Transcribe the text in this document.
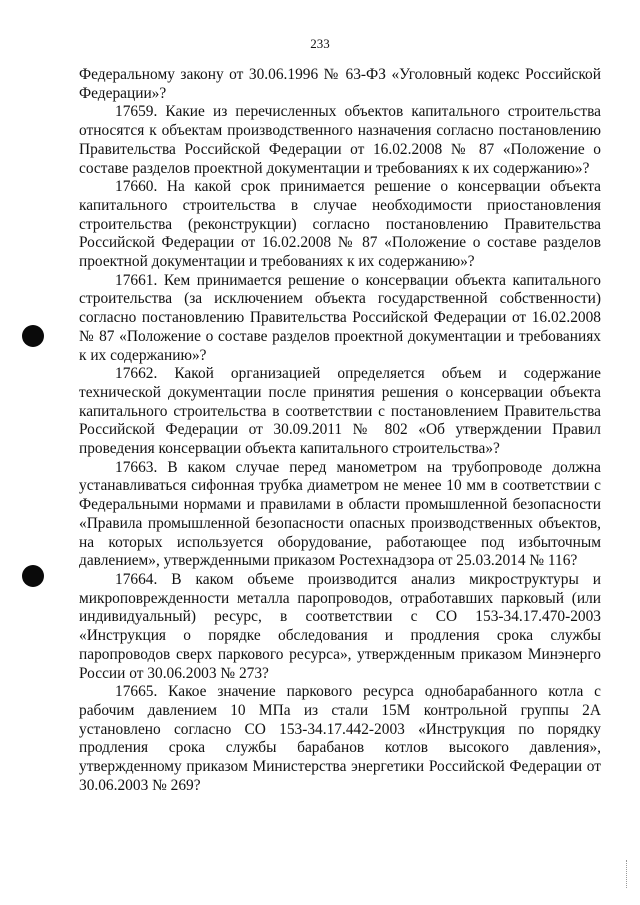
233

Федеральному закону от 30.06.1996 № 63-ФЗ «Уголовный кодекс Российской Федерации»?

17659. Какие из перечисленных объектов капитального строительства относятся к объектам производственного назначения согласно постановлению Правительства Российской Федерации от 16.02.2008 № 87 «Положение о составе разделов проектной документации и требованиях к их содержанию»?

17660. На какой срок принимается решение о консервации объекта капитального строительства в случае необходимости приостановления строительства (реконструкции) согласно постановлению Правительства Российской Федерации от 16.02.2008 № 87 «Положение о составе разделов проектной документации и требованиях к их содержанию»?

17661. Кем принимается решение о консервации объекта капитального строительства (за исключением объекта государственной собственности) согласно постановлению Правительства Российской Федерации от 16.02.2008 № 87 «Положение о составе разделов проектной документации и требованиях к их содержанию»?

17662. Какой организацией определяется объем и содержание технической документации после принятия решения о консервации объекта капитального строительства в соответствии с постановлением Правительства Российской Федерации от 30.09.2011 № 802 «Об утверждении Правил проведения консервации объекта капитального строительства»?

17663. В каком случае перед манометром на трубопроводе должна устанавливаться сифонная трубка диаметром не менее 10 мм в соответствии с Федеральными нормами и правилами в области промышленной безопасности «Правила промышленной безопасности опасных производственных объектов, на которых используется оборудование, работающее под избыточным давлением», утвержденными приказом Ростехнадзора от 25.03.2014 № 116?

17664. В каком объеме производится анализ микроструктуры и микроповрежденности металла паропроводов, отработавших парковый (или индивидуальный) ресурс, в соответствии с СО 153-34.17.470-2003 «Инструкция о порядке обследования и продления срока службы паропроводов сверх паркового ресурса», утвержденным приказом Минэнерго России от 30.06.2003 № 273?

17665. Какое значение паркового ресурса однобарабанного котла с рабочим давлением 10 МПа из стали 15М контрольной группы 2А установлено согласно СО 153-34.17.442-2003 «Инструкция по порядку продления срока службы барабанов котлов высокого давления», утвержденному приказом Министерства энергетики Российской Федерации от 30.06.2003 № 269?
